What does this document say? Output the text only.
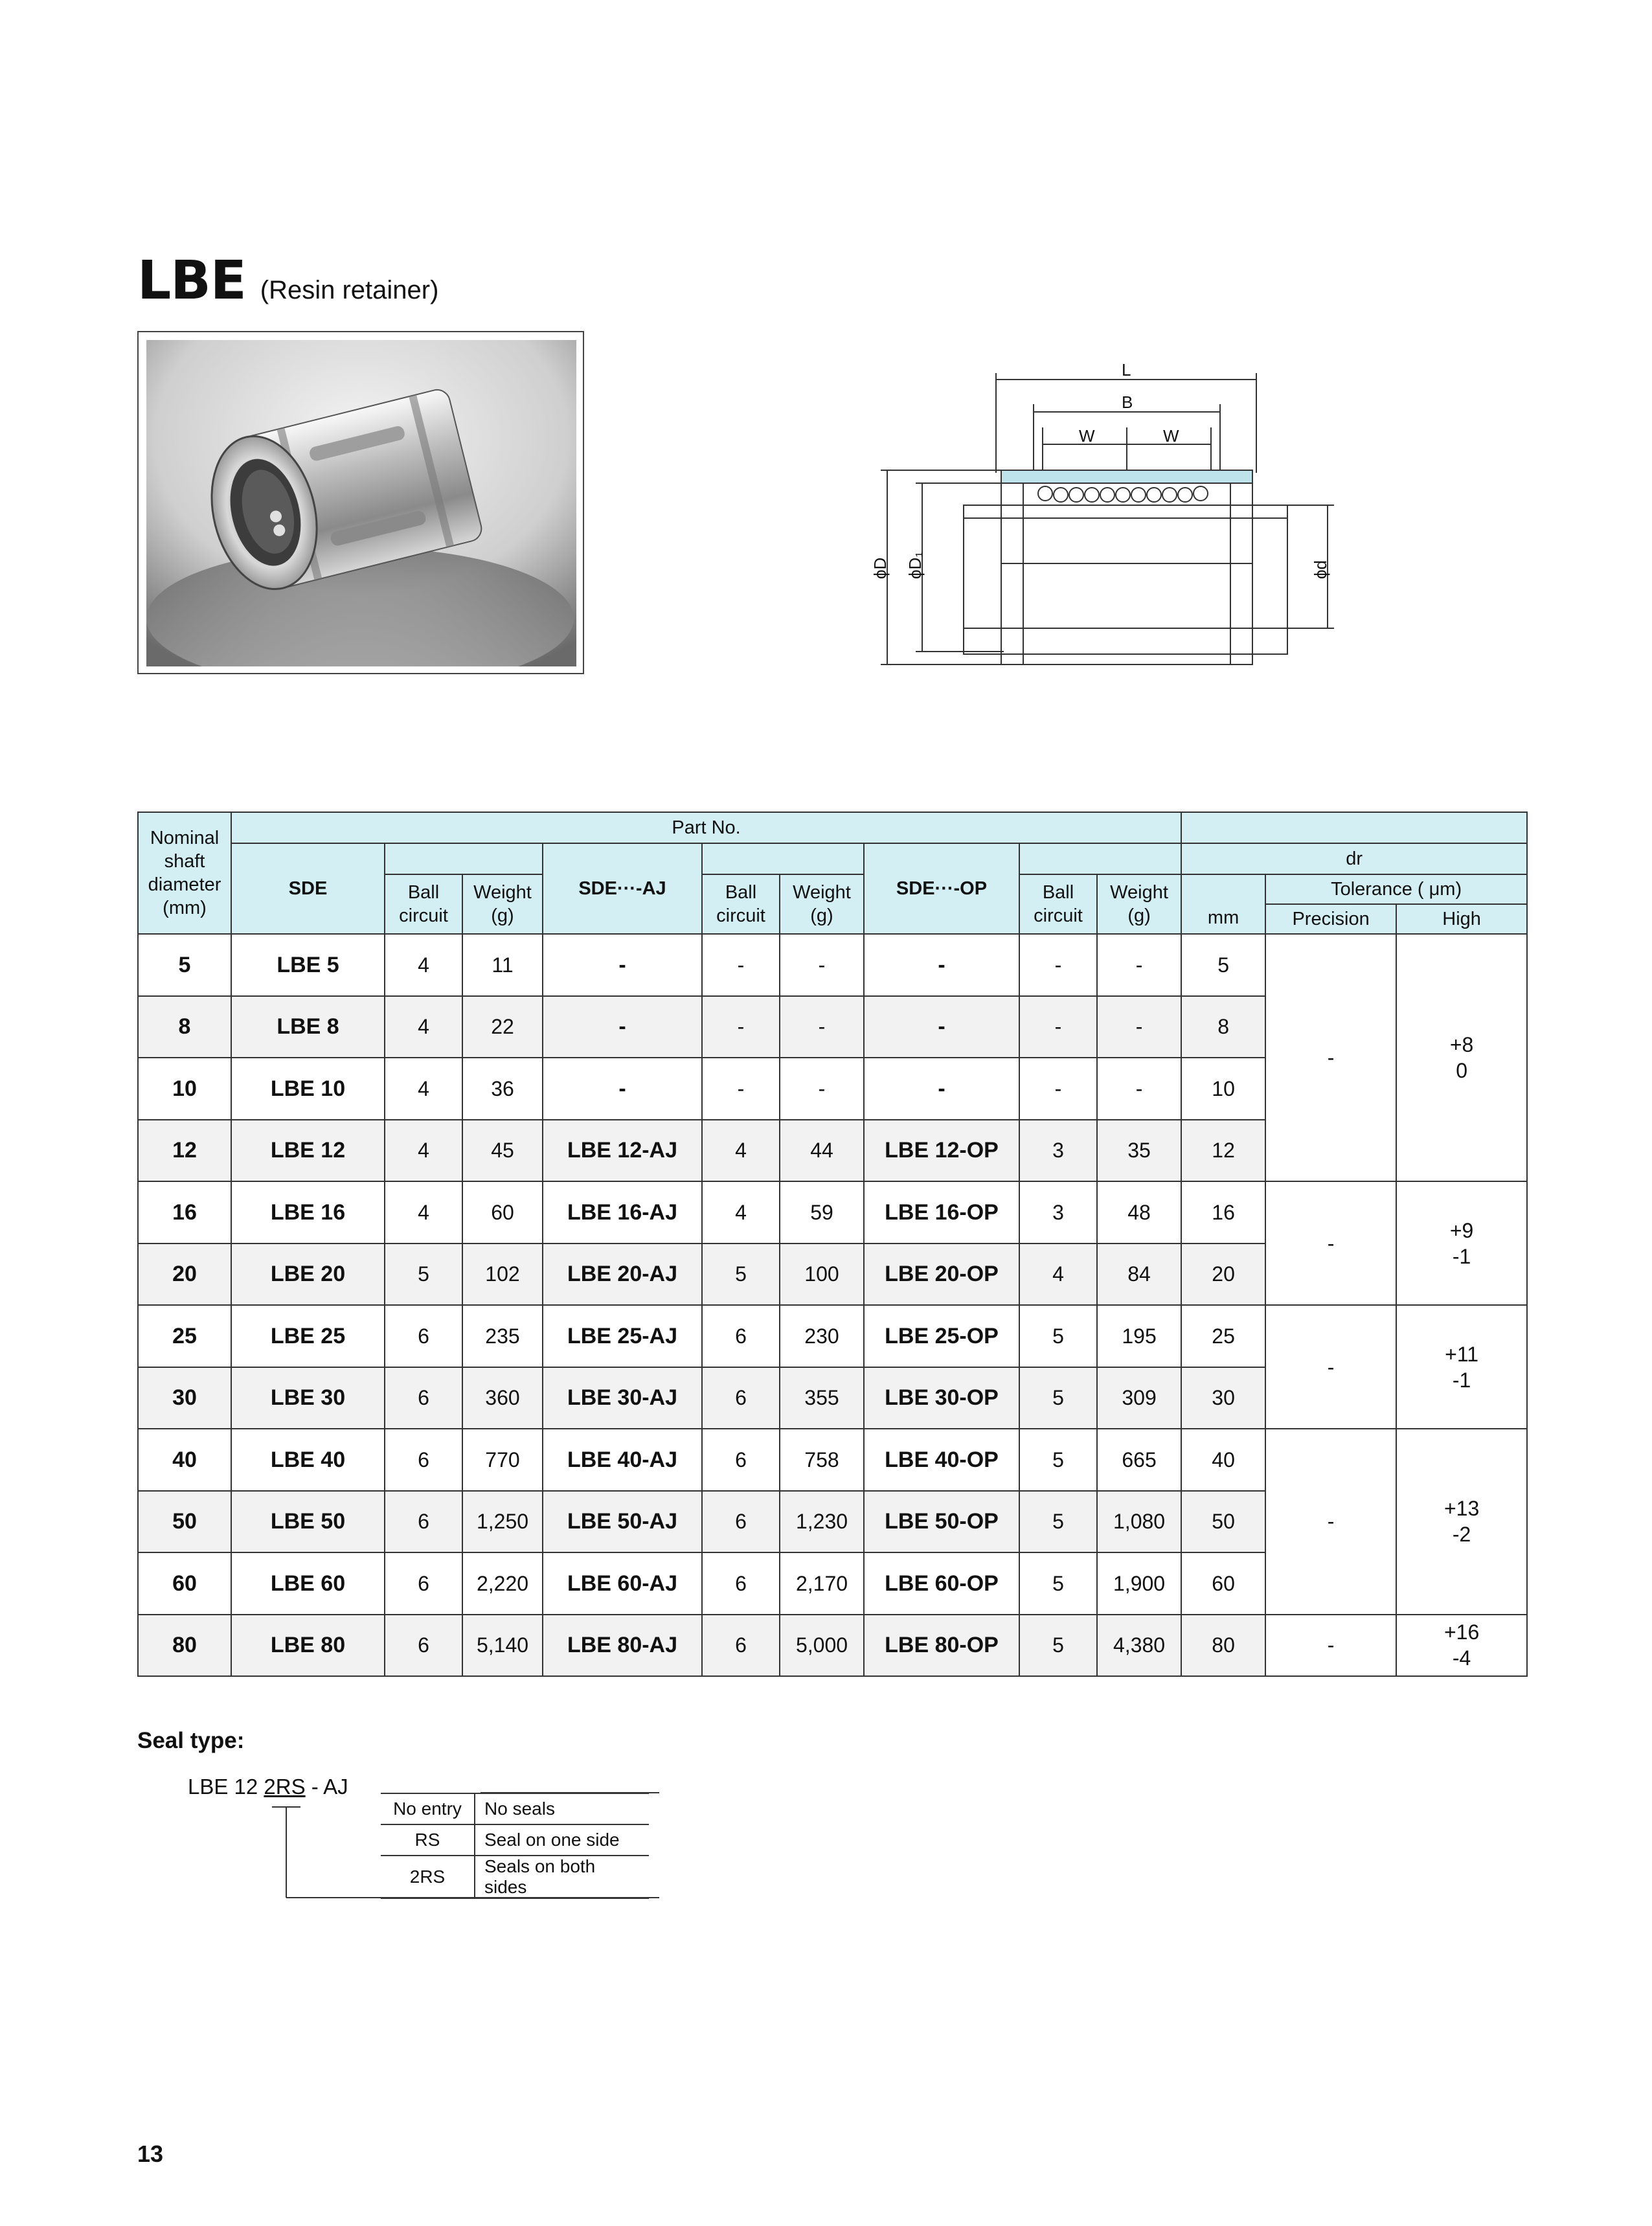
LBE (Resin retainer)
L
B
W	W
ϕD ϕD₁	ϕd
Nominal shaft diameter (mm)	Part No.											
	SDE			SDE···-AJ			SDE···-OP			dr		
		Ball circuit	Weight (g)		Ball circuit	Weight (g)		Ball circuit	Weight (g)	mm	Tolerance ( μm)	
											Precision	High
5	LBE 5	4	11	-	-	-	-	-	-	5	-	+8
0

8	LBE 8	4	22	-	-	-	-	-	-	8		
10	LBE 10	4	36	-	-	-	-	-	-	10		
12	LBE 12	4	45	LBE 12-AJ	4	44	LBE 12-OP	3	35	12		
16	LBE 16	4	60	LBE 16-AJ	4	59	LBE 16-OP	3	48	16	-	+9
-1

20	LBE 20	5	102	LBE 20-AJ	5	100	LBE 20-OP	4	84	20		
25	LBE 25	6	235	LBE 25-AJ	6	230	LBE 25-OP	5	195	25	-	+11
-1

30	LBE 30	6	360	LBE 30-AJ	6	355	LBE 30-OP	5	309	30		
40	LBE 40	6	770	LBE 40-AJ	6	758	LBE 40-OP	5	665	40	-	+13
-2

50	LBE 50	6	1,250	LBE 50-AJ	6	1,230	LBE 50-OP	5	1,080	50		
60	LBE 60	6	2,220	LBE 60-AJ	6	2,170	LBE 60-OP	5	1,900	60		
80	LBE 80	6	5,140	LBE 80-AJ	6	5,000	LBE 80-OP	5	4,380	80	-	+16
-4
Seal type:
LBE 12 2RS - AJ
No entry	No seals
RS	Seal on one side
2RS	Seals on both sides
13
